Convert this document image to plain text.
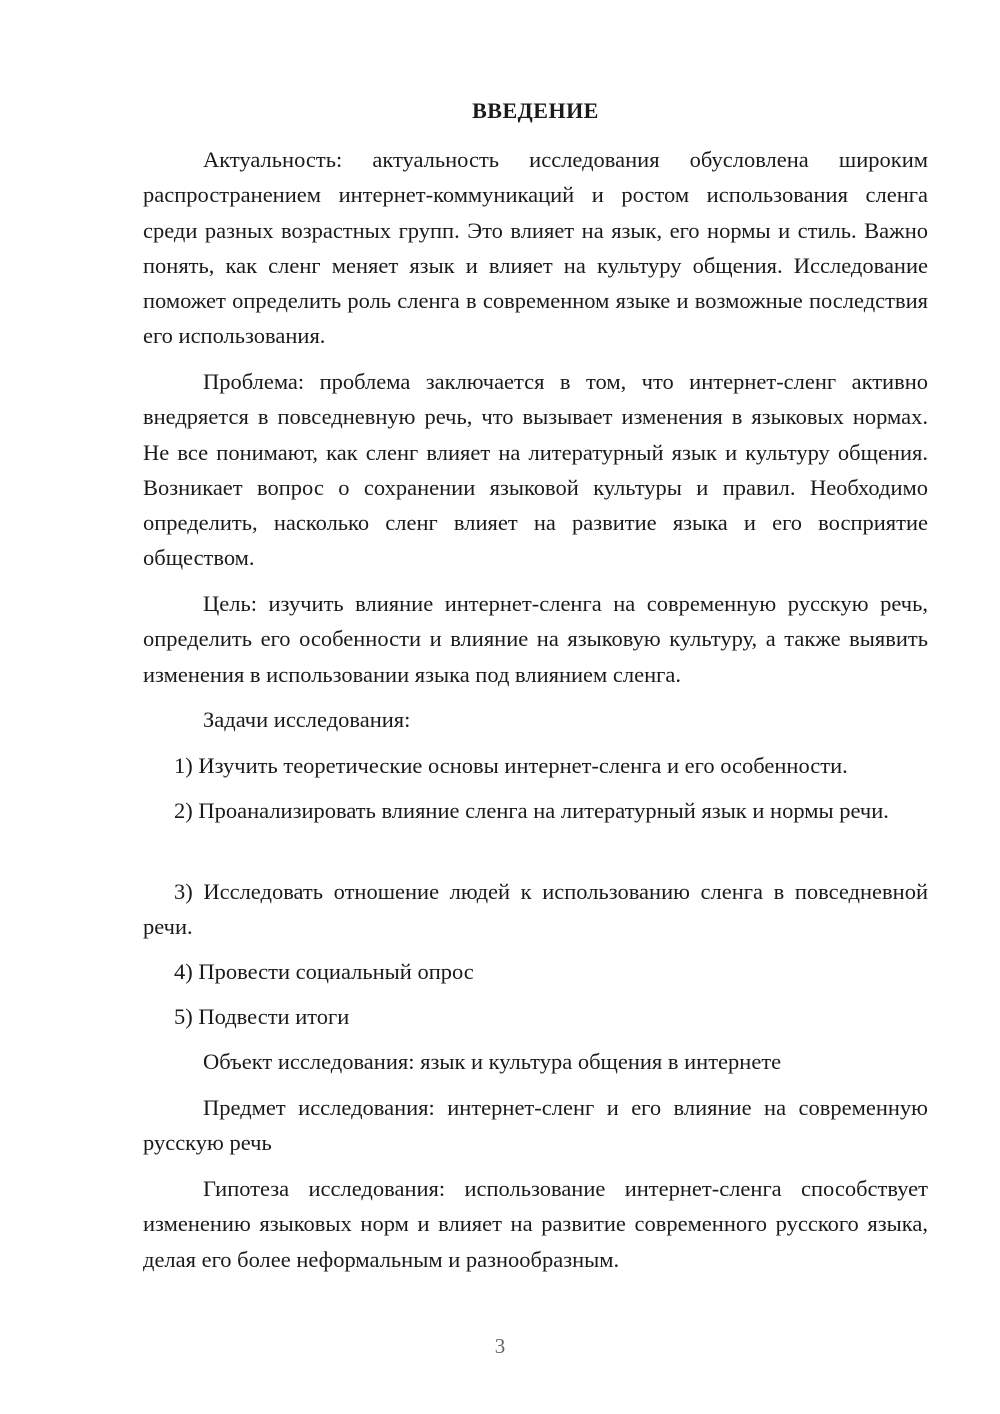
ВВЕДЕНИЕ

Актуальность: актуальность исследования обусловлена широким распространением интернет-коммуникаций и ростом использования сленга среди разных возрастных групп. Это влияет на язык, его нормы и стиль. Важно понять, как сленг меняет язык и влияет на культуру общения. Исследование поможет определить роль сленга в современном языке и возможные последствия его использования.

Проблема: проблема заключается в том, что интернет-сленг активно внедряется в повседневную речь, что вызывает изменения в языковых нормах. Не все понимают, как сленг влияет на литературный язык и культуру общения. Возникает вопрос о сохранении языковой культуры и правил. Необходимо определить, насколько сленг влияет на развитие языка и его восприятие обществом.

Цель: изучить влияние интернет-сленга на современную русскую речь, определить его особенности и влияние на языковую культуру, а также выявить изменения в использовании языка под влиянием сленга.

Задачи исследования:

1) Изучить теоретические основы интернет-сленга и его особенности.

2) Проанализировать влияние сленга на литературный язык и нормы речи.

3) Исследовать отношение людей к использованию сленга в повседневной речи.

4) Провести социальный опрос

5) Подвести итоги

Объект исследования: язык и культура общения в интернете

Предмет исследования: интернет-сленг и его влияние на современную русскую речь

Гипотеза исследования: использование интернет-сленга способствует изменению языковых норм и влияет на развитие современного русского языка, делая его более неформальным и разнообразным.

3
